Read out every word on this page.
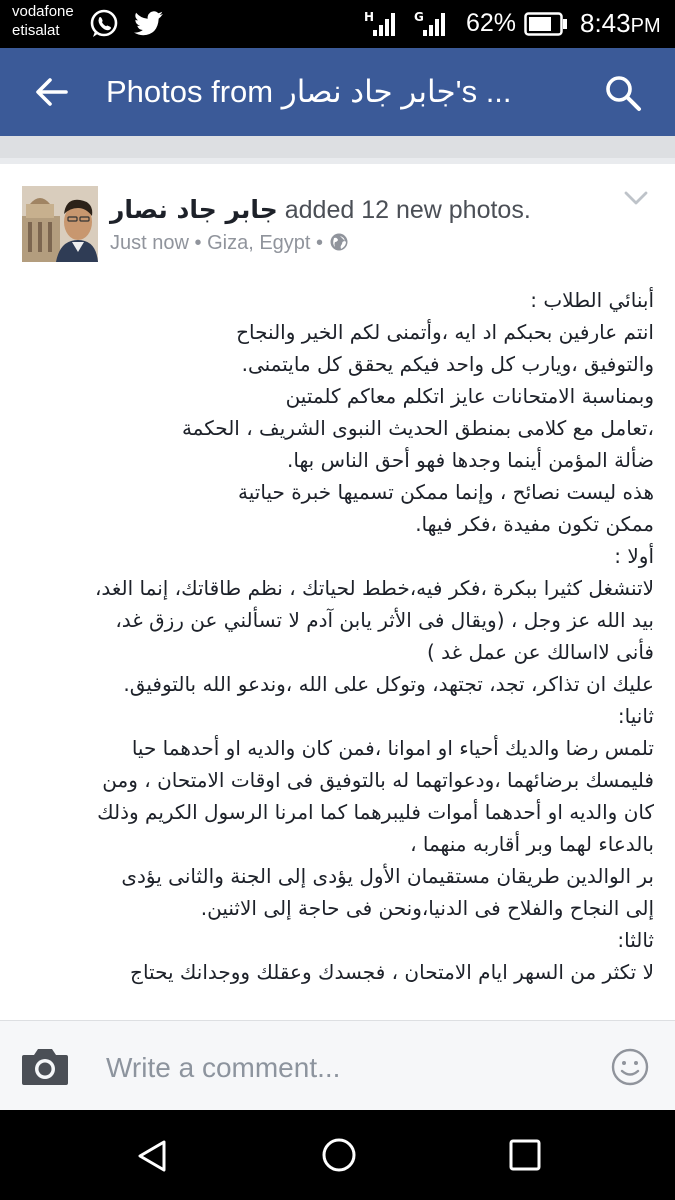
vodafone
etisalat
H	G 62% 8:43PM
Photos from جابر جاد نصار's ...
جابر جاد نصار added 12 new photos.
Just now • Giza, Egypt •
أبنائي الطلاب :
انتم عارفين بحبكم اد ايه ،وأتمنى لكم الخير والنجاح
والتوفيق ،ويارب كل واحد فيكم يحقق كل مايتمنى.
وبمناسبة الامتحانات عايز اتكلم معاكم كلمتين
،تعامل مع كلامى بمنطق الحديث النبوى الشريف ، الحكمة
ضألة المؤمن أينما وجدها فهو أحق الناس بها.
هذه ليست نصائح ، وإنما ممكن تسميها خبرة حياتية
ممكن تكون مفيدة ،فكر فيها.
أولا :
لاتنشغل كثيرا ببكرة ،فكر فيه،خطط لحياتك ، نظم طاقاتك، إنما الغد،
بيد الله عز وجل ، (ويقال فى الأثر يابن آدم لا تسألني عن رزق غد،
فأنى لااسالك عن عمل غد )
عليك ان تذاكر، تجد، تجتهد، وتوكل على الله ،وندعو الله بالتوفيق.
ثانيا:
تلمس رضا والديك أحياء او اموانا ،فمن كان والديه او أحدهما حيا
فليمسك برضائهما ،ودعواتهما له بالتوفيق فى اوقات الامتحان ، ومن
كان والديه او أحدهما أموات فليبرهما كما امرنا الرسول الكريم وذلك
بالدعاء لهما وبر أقاربه منهما ،
بر الوالدين طريقان مستقيمان الأول يؤدى إلى الجنة والثانى يؤدى
إلى النجاح والفلاح فى الدنيا،ونحن فى حاجة إلى الاثنين.
ثالثا:
لا تكثر من السهر ايام الامتحان ، فجسدك وعقلك ووجدانك يحتاج
Write a comment...
